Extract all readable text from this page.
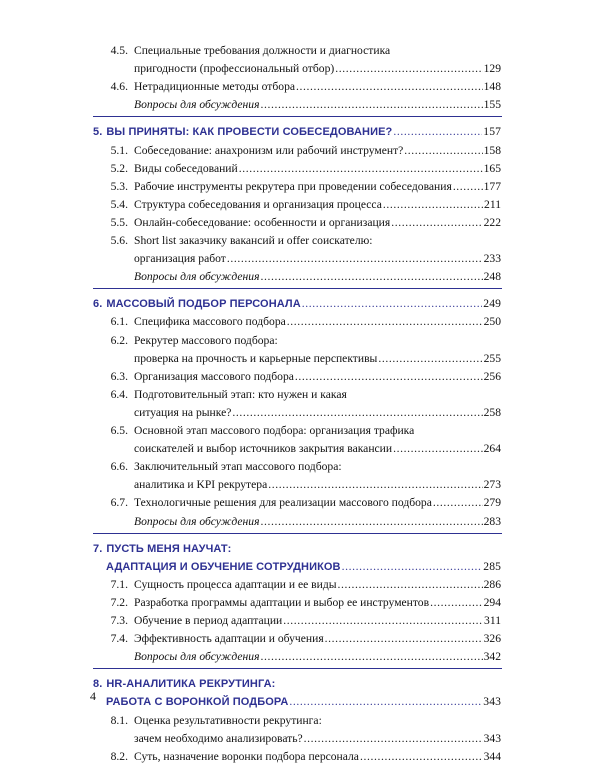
4.5. Специальные требования должности и диагностика
пригодности (профессиональный отбор) .....	129
4.6. Нетрадиционные методы отбора .....	148
Вопросы для обсуждения .....	155
5. ВЫ ПРИНЯТЫ: КАК ПРОВЕСТИ СОБЕСЕДОВАНИЕ? .....	157
5.1. Собеседование: анахронизм или рабочий инструмент? .....	158
5.2. Виды собеседований .....	165
5.3. Рабочие инструменты рекрутера при проведении собеседования .....	177
5.4. Структура собеседования и организация процесса .....	211
5.5. Онлайн-собеседование: особенности и организация .....	222
5.6. Short list заказчику вакансий и offer соискателю:
организация работ .....	233
Вопросы для обсуждения .....	248
6. МАССОВЫЙ ПОДБОР ПЕРСОНАЛА .....	249
6.1. Специфика массового подбора .....	250
6.2. Рекрутер массового подбора:
проверка на прочность и карьерные перспективы .....	255
6.3. Организация массового подбора .....	256
6.4. Подготовительный этап: кто нужен и какая
ситуация на рынке? .....	258
6.5. Основной этап массового подбора: организация трафика
соискателей и выбор источников закрытия вакансии .....	264
6.6. Заключительный этап массового подбора:
аналитика и KPI рекрутера .....	273
6.7. Технологичные решения для реализации массового подбора .....	279
Вопросы для обсуждения .....	283
7. ПУСТЬ МЕНЯ НАУЧАТ:
АДАПТАЦИЯ И ОБУЧЕНИЕ СОТРУДНИКОВ .....	285
7.1. Сущность процесса адаптации и ее виды .....	286
7.2. Разработка программы адаптации и выбор ее инструментов .....	294
7.3. Обучение в период адаптации .....	311
7.4. Эффективность адаптации и обучения .....	326
Вопросы для обсуждения .....	342
8. HR-АНАЛИТИКА РЕКРУТИНГА:
РАБОТА С ВОРОНКОЙ ПОДБОРА .....	343
8.1. Оценка результативности рекрутинга:
зачем необходимо анализировать? .....	343
8.2. Суть, назначение воронки подбора персонала .....	344
4
